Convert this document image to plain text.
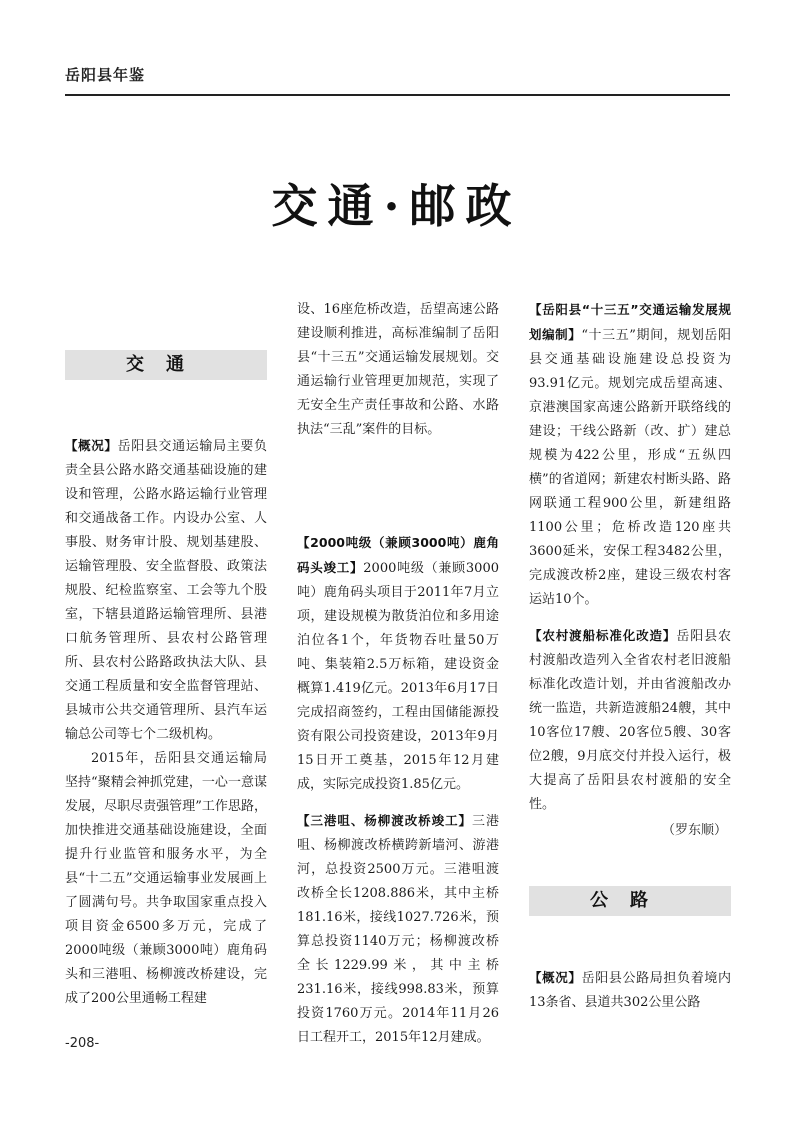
岳阳县年鉴
交通·邮政
交通

【概况】岳阳县交通运输局主要负责全县公路水路交通基础设施的建设和管理，公路水路运输行业管理和交通战备工作。内设办公室、人事股、财务审计股、规划基建股、运输管理股、安全监督股、政策法规股、纪检监察室、工会等九个股室，下辖县道路运输管理所、县港口航务管理所、县农村公路管理所、县农村公路路政执法大队、县交通工程质量和安全监督管理站、县城市公共交通管理所、县汽车运输总公司等七个二级机构。

2015年，岳阳县交通运输局坚持“聚精会神抓党建，一心一意谋发展，尽职尽责强管理”工作思路，加快推进交通基础设施建设，全面提升行业监管和服务水平，为全县“十二五”交通运输事业发展画上了圆满句号。共争取国家重点投入项目资金6500多万元，完成了2000吨级（兼顾3000吨）鹿角码头和三港咀、杨柳渡改桥建设，完成了200公里通畅工程建

设、16座危桥改造，岳望高速公路建设顺利推进，高标准编制了岳阳县“十三五”交通运输发展规划。交通运输行业管理更加规范，实现了无安全生产责任事故和公路、水路执法“三乱”案件的目标。

【2000吨级（兼顾3000吨）鹿角码头竣工】2000吨级（兼顾3000吨）鹿角码头项目于2011年7月立项，建设规模为散货泊位和多用途泊位各1个，年货物吞吐量50万吨、集装箱2.5万标箱，建设资金概算1.419亿元。2013年6月17日完成招商签约，工程由国储能源投资有限公司投资建设，2013年9月15日开工奠基，2015年12月建成，实际完成投资1.85亿元。

【三港咀、杨柳渡改桥竣工】三港咀、杨柳渡改桥横跨新墙河、游港河，总投资2500万元。三港咀渡改桥全长1208.886米，其中主桥181.16米，接线1027.726米，预算总投资1140万元；杨柳渡改桥全长1229.99米，其中主桥231.16米，接线998.83米，预算投资1760万元。2014年11月26日工程开工，2015年12月建成。

【岳阳县“十三五”交通运输发展规划编制】“十三五”期间，规划岳阳县交通基础设施建设总投资为93.91亿元。规划完成岳望高速、京港澳国家高速公路新开联络线的建设；干线公路新（改、扩）建总规模为422公里，形成“五纵四横”的省道网；新建农村断头路、路网联通工程900公里，新建组路1100公里；危桥改造120座共3600延米，安保工程3482公里，完成渡改桥2座，建设三级农村客运站10个。

【农村渡船标准化改造】岳阳县农村渡船改造列入全省农村老旧渡船标准化改造计划，并由省渡船改办统一监造，共新造渡船24艘，其中10客位17艘、20客位5艘、30客位2艘，9月底交付并投入运行，极大提高了岳阳县农村渡船的安全性。

（罗东顺）

公路

【概况】岳阳县公路局担负着境内13条省、县道共302公里公路

-208-
